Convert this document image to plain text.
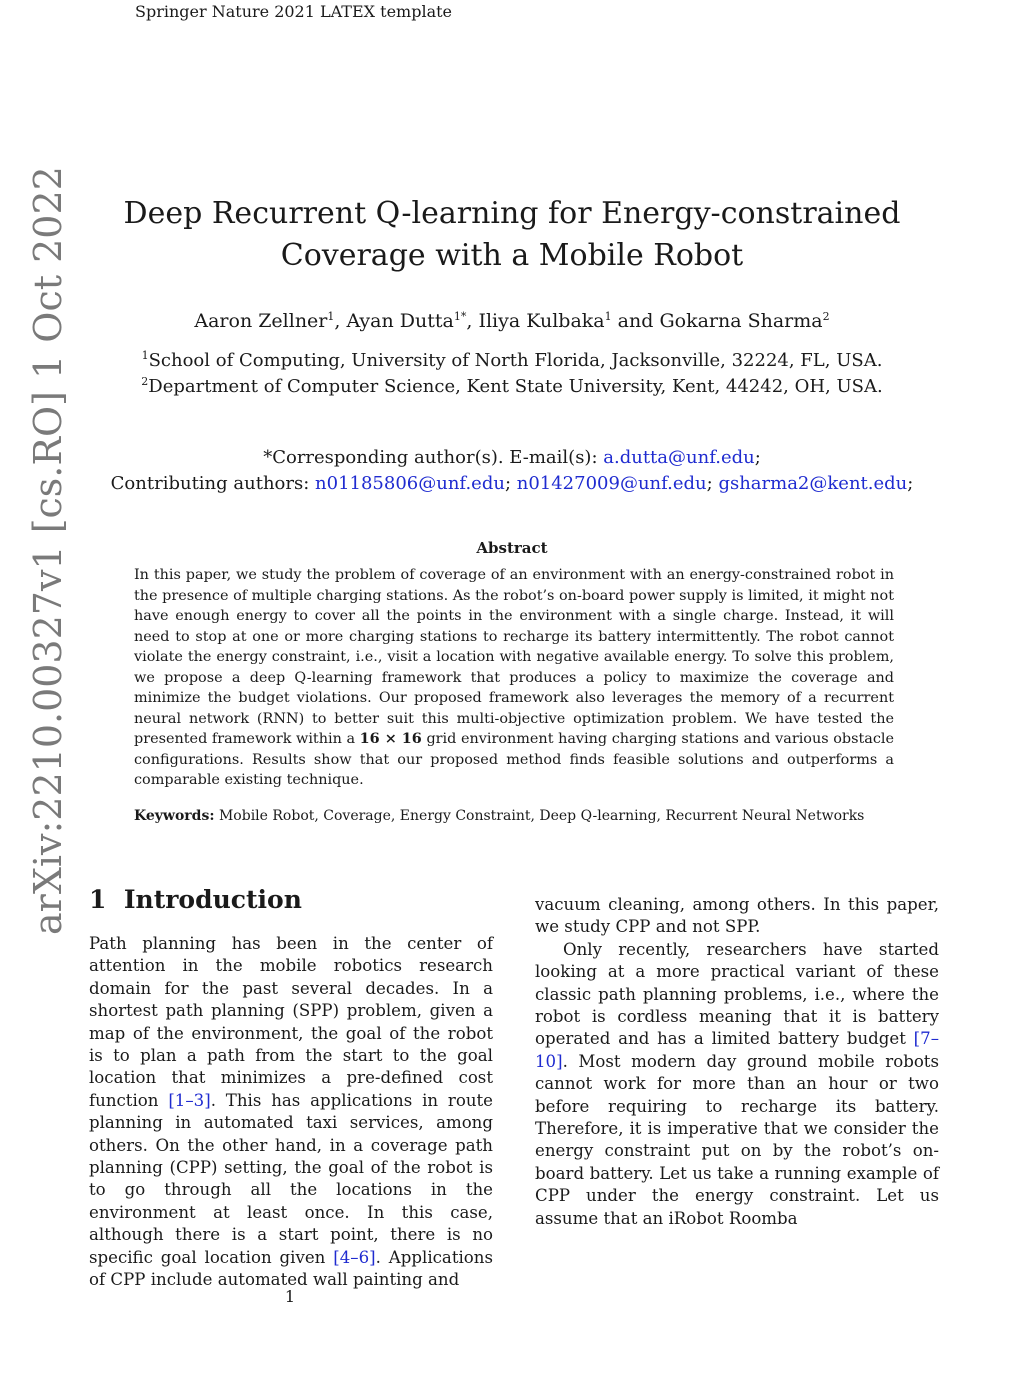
Springer Nature 2021 LATEX template
arXiv:2210.00327v1 [cs.RO] 1 Oct 2022	Deep Recurrent Q-learning for Energy-constrained
Coverage with a Mobile Robot
Aaron Zellner$^1$, Ayan Dutta$^{1*}$, Iliya Kulbaka$^1$ and Gokarna Sharma$^2$
$^1$School of Computing, University of North Florida, Jacksonville, 32224, FL, USA.
$^2$Department of Computer Science, Kent State University, Kent, 44242, OH, USA.
*Corresponding author(s). E-mail(s): a.dutta@unf.edu;
Contributing authors: n01185806@unf.edu; n01427009@unf.edu; gsharma2@kent.edu;
Abstract
In this paper, we study the problem of coverage of an environment with an energy-constrained robot in the presence of multiple charging stations. As the robot’s on-board power supply is limited, it might not have enough energy to cover all the points in the environment with a single charge. Instead, it will need to stop at one or more charging stations to recharge its battery intermittently. The robot cannot violate the energy constraint, i.e., visit a location with negative available energy. To solve this problem, we propose a deep Q-learning framework that produces a policy to maximize the coverage and minimize the budget violations. Our proposed framework also leverages the memory of a recurrent neural network (RNN) to better suit this multi-objective optimization problem. We have tested the presented framework within a 16 × 16 grid environment having charging stations and various obstacle configurations. Results show that our proposed method finds feasible solutions and outperforms a comparable existing technique.
Keywords: Mobile Robot, Coverage, Energy Constraint, Deep Q-learning, Recurrent Neural Networks
1 Introduction

Path planning has been in the center of attention in the mobile robotics research domain for the past several decades. In a shortest path planning (SPP) problem, given a map of the environment, the goal of the robot is to plan a path from the start to the goal location that minimizes a pre-defined cost function [1–3]. This has applications in route planning in automated taxi services, among others. On the other hand, in a coverage path planning (CPP) setting, the goal of the robot is to go through all the locations in the environment at least once. In this case, although there is a start point, there is no specific goal location given [4–6]. Applications of CPP include automated wall painting and

vacuum cleaning, among others. In this paper, we study CPP and not SPP.

Only recently, researchers have started looking at a more practical variant of these classic path planning problems, i.e., where the robot is cordless meaning that it is battery operated and has a limited battery budget [7–10]. Most modern day ground mobile robots cannot work for more than an hour or two before requiring to recharge its battery. Therefore, it is imperative that we consider the energy constraint put on by the robot’s on-board battery. Let us take a running example of CPP under the energy constraint. Let us assume that an iRobot Roomba

1
